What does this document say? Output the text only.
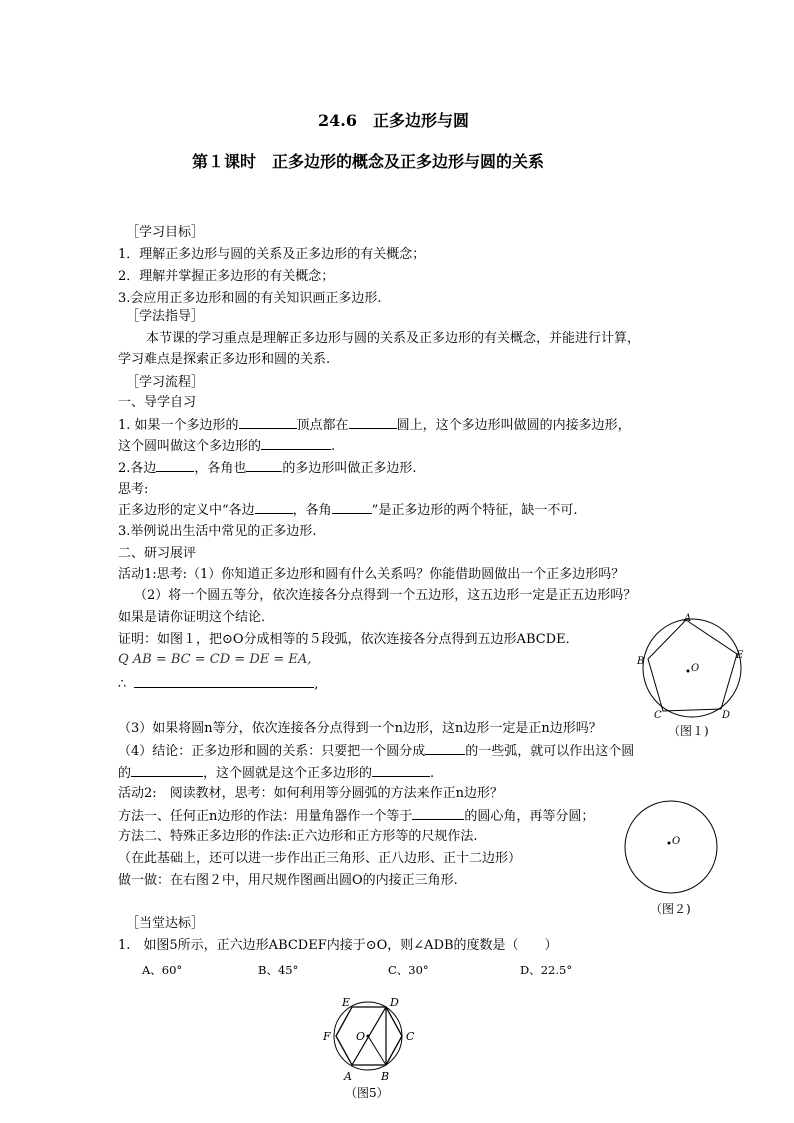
24.6　正多边形与圆
第１课时　正多边形的概念及正多边形与圆的关系
［学习目标］
1．理解正多边形与圆的关系及正多边形的有关概念；
2．理解并掌握正多边形的有关概念；
3.会应用正多边形和圆的有关知识画正多边形.
［学法指导］
本节课的学习重点是理解正多边形与圆的关系及正多边形的有关概念，并能进行计算，
学习难点是探索正多边形和圆的关系.
［学习流程］
一、导学自习
1. 如果一个多边形的	顶点都在	圆上，这个多边形叫做圆的内接多边形，
这个圆叫做这个多边形的	.
2.各边	，各角也	的多边形叫做正多边形.
思考:
正多边形的定义中“各边	，各角	”是正多边形的两个特征，缺一不可.
3.举例说出生活中常见的正多边形.
二、研习展评
活动1:思考:（1）你知道正多边形和圆有什么关系吗？你能借助圆做出一个正多边形吗？
（2）将一个圆五等分，依次连接各分点得到一个五边形，这五边形一定是正五边形吗？
如果是请你证明这个结论．
证明：如图１，把⊙O分成相等的５段弧，依次连接各分点得到五边形ABCDE．
Q AB = BC = CD = DE = EA,
∴	,
（3）如果将圆n等分，依次连接各分点得到一个n边形，这n边形一定是正n边形吗？
（4）结论：正多边形和圆的关系：只要把一个圆分成	的一些弧，就可以作出这个圆
的	，这个圆就是这个正多边形的	.
活动2:　阅读教材，思考：如何利用等分圆弧的方法来作正n边形？
方法一、任何正n边形的作法：用量角器作一个等于	的圆心角，再等分圆；
方法二、特殊正多边形的作法:正六边形和正方形等的尺规作法.
（在此基础上，还可以进一步作出正三角形、正八边形、正十二边形）
做一做：在右图２中，用尺规作图画出圆O的内接正三角形.
A
B
C	D
E
O
（图１)
O
（图２)
［当堂达标］
1.　如图5所示，正六边形ABCDEF内接于⊙O，则∠ADB的度数是（　　）
A、60°	B、45°	C、30°	D、22.5°
E	D
F O	C
A	B
（图5）
